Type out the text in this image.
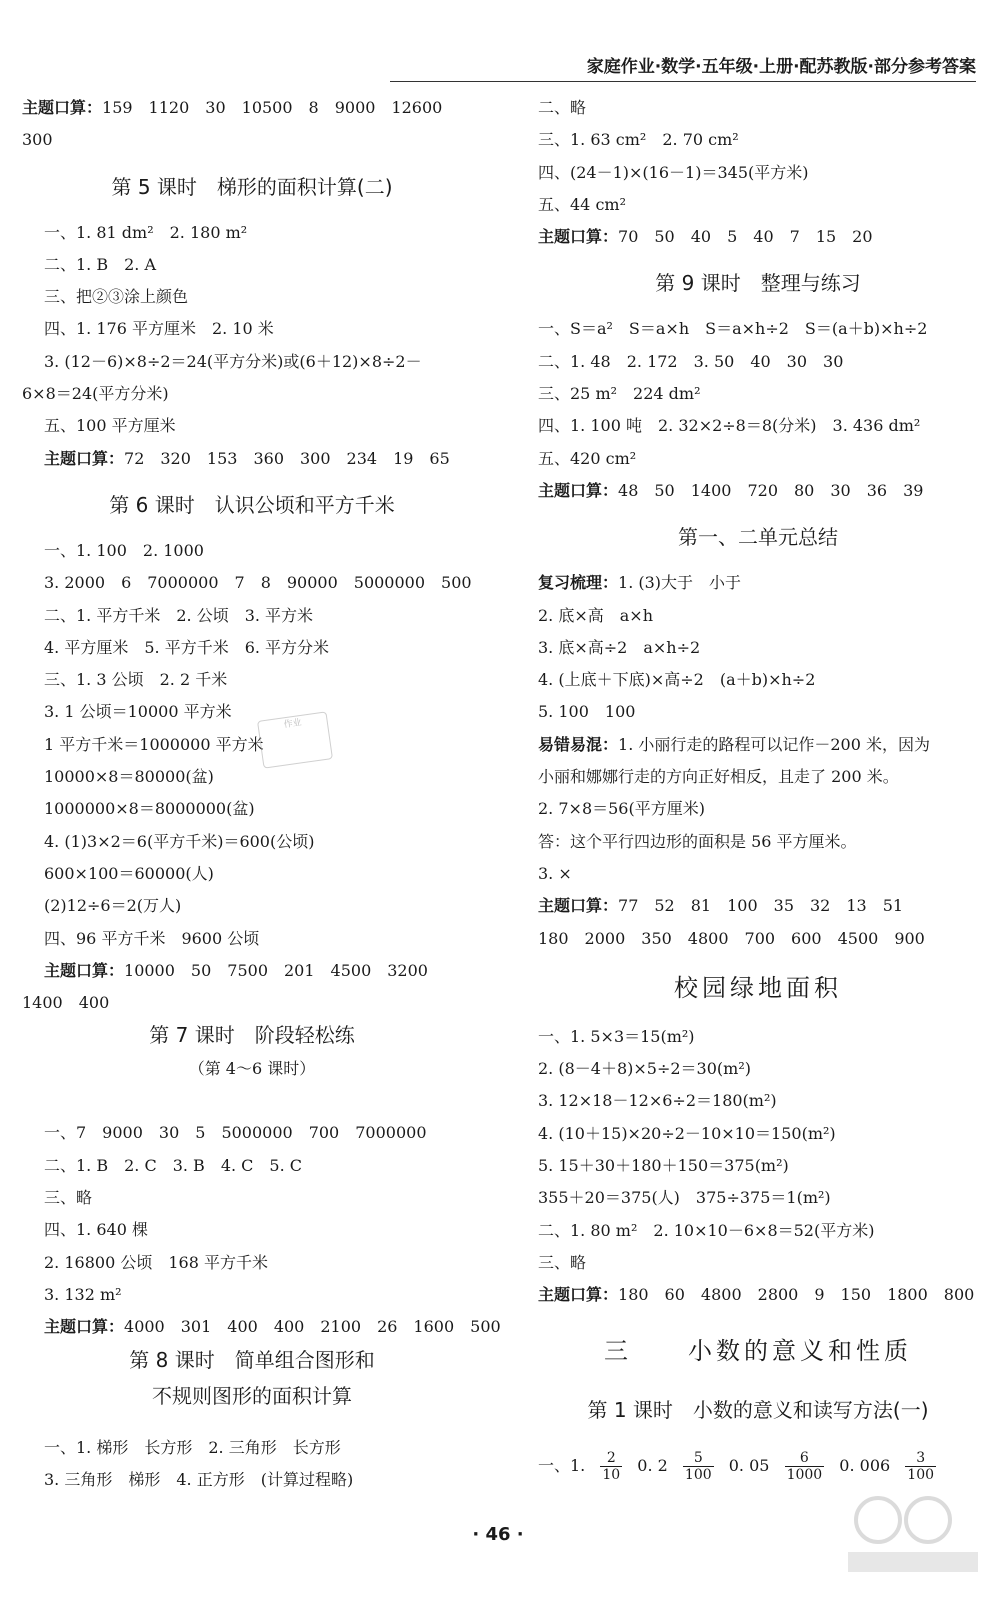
家庭作业·数学·五年级·上册·配苏教版·部分参考答案
主题口算：159　1120　30　10500　8　9000　12600
300
第 5 课时　梯形的面积计算(二)
一、1. 81 dm²　2. 180 m²
二、1. B　2. A
三、把②③涂上颜色
四、1. 176 平方厘米　2. 10 米
3. (12－6)×8÷2＝24(平方分米)或(6＋12)×8÷2－
6×8＝24(平方分米)
五、100 平方厘米
主题口算：72　320　153　360　300　234　19　65
第 6 课时　认识公顷和平方千米
一、1. 100　2. 1000
3. 2000　6　7000000　7　8　90000　5000000　500
二、1. 平方千米　2. 公顷　3. 平方米
4. 平方厘米　5. 平方千米　6. 平方分米
三、1. 3 公顷　2. 2 千米
3. 1 公顷＝10000 平方米
1 平方千米＝1000000 平方米
10000×8＝80000(盆)
1000000×8＝8000000(盆)
4. (1)3×2＝6(平方千米)＝600(公顷)
600×100＝60000(人)
(2)12÷6＝2(万人)
四、96 平方千米　9600 公顷
主题口算：10000　50　7500　201　4500　3200
1400　400
第 7 课时　阶段轻松练
（第 4～6 课时）
一、7　9000　30　5　5000000　700　7000000
二、1. B　2. C　3. B　4. C　5. C
三、略
四、1. 640 棵
2. 16800 公顷　168 平方千米
3. 132 m²
主题口算：4000　301　400　400　2100　26　1600　500
第 8 课时　简单组合图形和
不规则图形的面积计算
一、1. 梯形　长方形　2. 三角形　长方形
3. 三角形　梯形　4. 正方形　(计算过程略)
二、略
三、1. 63 cm²　2. 70 cm²
四、(24－1)×(16－1)＝345(平方米)
五、44 cm²
主题口算：70　50　40　5　40　7　15　20
第 9 课时　整理与练习
一、S＝a²　S＝a×h　S＝a×h÷2　S＝(a＋b)×h÷2
二、1. 48　2. 172　3. 50　40　30　30
三、25 m²　224 dm²
四、1. 100 吨　2. 32×2÷8＝8(分米)　3. 436 dm²
五、420 cm²
主题口算：48　50　1400　720　80　30　36　39
第一、二单元总结
复习梳理：1. (3)大于　小于
2. 底×高　a×h
3. 底×高÷2　a×h÷2
4. (上底＋下底)×高÷2　(a＋b)×h÷2
5. 100　100
易错易混：1. 小丽行走的路程可以记作－200 米，因为
小丽和娜娜行走的方向正好相反，且走了 200 米。
2. 7×8＝56(平方厘米)
答：这个平行四边形的面积是 56 平方厘米。
3. ×
主题口算：77　52　81　100　35　32　13　51
180　2000　350　4800　700　600　4500　900
校园绿地面积
一、1. 5×3＝15(m²)
2. (8－4＋8)×5÷2＝30(m²)
3. 12×18－12×6÷2＝180(m²)
4. (10＋15)×20÷2－10×10＝150(m²)
5. 15＋30＋180＋150＝375(m²)
355＋20＝375(人)　375÷375＝1(m²)
二、1. 80 m²　2. 10×10－6×8＝52(平方米)
三、略
主题口算：180　60　4800　2800　9　150　1800　800
三　　小数的意义和性质
第 1 课时　小数的意义和读写方法(一)
一、1. $\frac{2}{10} 0$. $2 \frac{5}{100} 0$. $05 \frac{6}{1000} 0$. $006 \frac{3}{100}$
作业
· 46 ·
